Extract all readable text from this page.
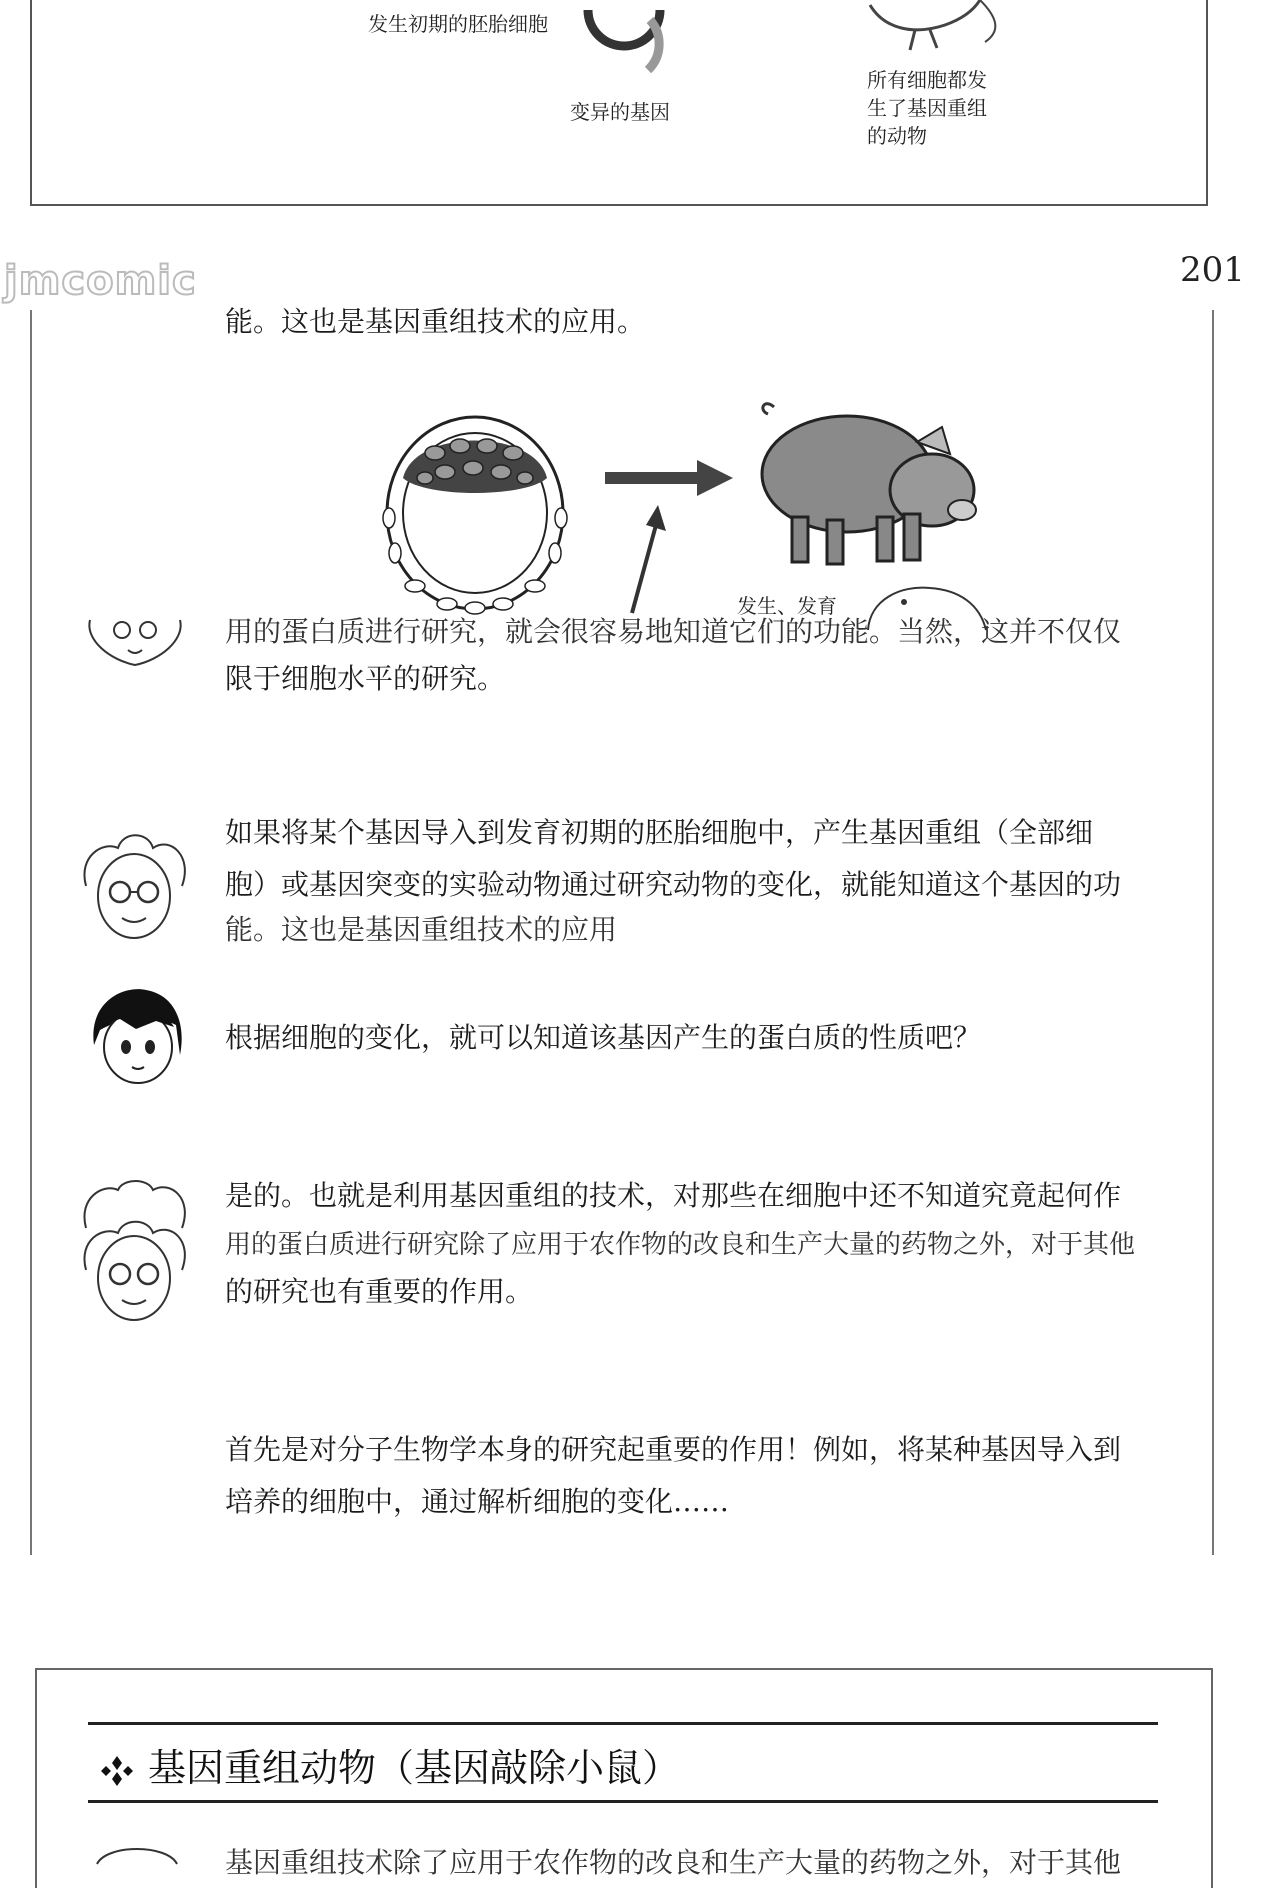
发生初期的胚胎细胞
变异的基因
所有细胞都发
生了基因重组
的动物
201
jmcomic
能。这也是基因重组技术的应用。
发生、发育
用的蛋白质进行研究，就会很容易地知道它们的功能。当然，这并不仅仅
限于细胞水平的研究。
如果将某个基因导入到发育初期的胚胎细胞中，产生基因重组（全部细
胞）或基因突变的实验动物通过研究动物的变化，就能知道这个基因的功
能。这也是基因重组技术的应用
根据细胞的变化，就可以知道该基因产生的蛋白质的性质吧？
是的。也就是利用基因重组的技术，对那些在细胞中还不知道究竟起何作
用的蛋白质进行研究除了应用于农作物的改良和生产大量的药物之外，对于其他
的研究也有重要的作用。
首先是对分子生物学本身的研究起重要的作用！例如，将某种基因导入到
培养的细胞中，通过解析细胞的变化……
基因重组动物（基因敲除小鼠）
基因重组技术除了应用于农作物的改良和生产大量的药物之外，对于其他
